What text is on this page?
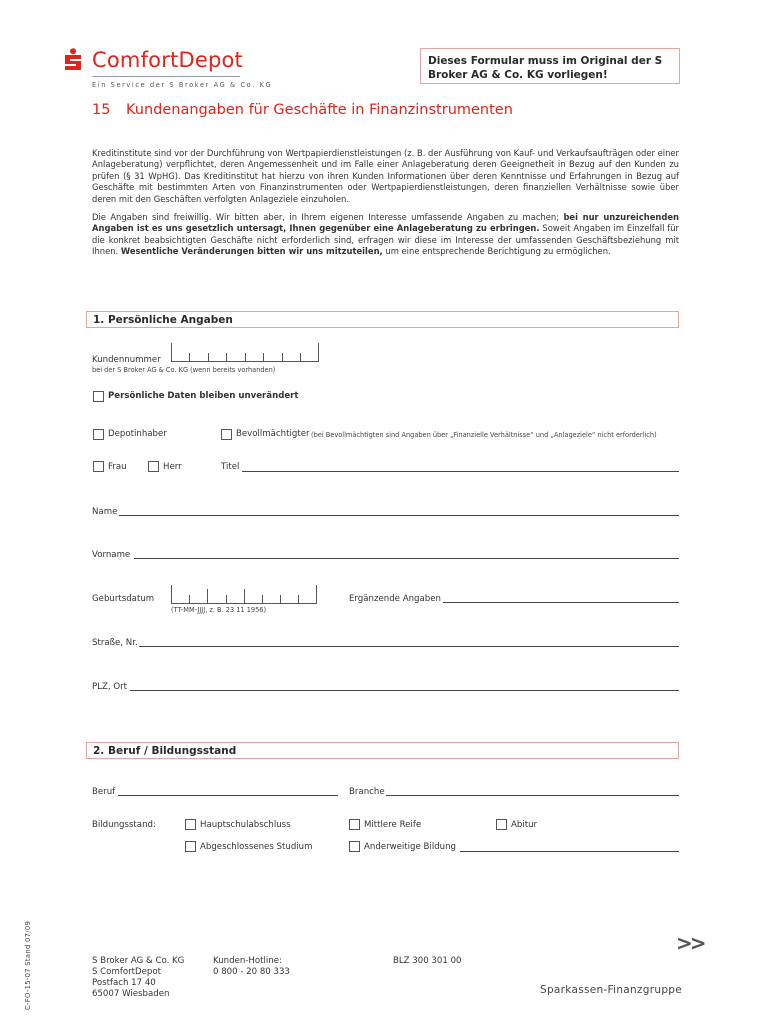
ComfortDepot
Ein Service der S Broker AG & Co. KG
Dieses Formular muss im Original der S Broker AG & Co. KG vorliegen!
15 Kundenangaben für Geschäfte in Finanzinstrumenten
Kreditinstitute sind vor der Durchführung von Wertpapierdienstleistungen (z. B. der Ausführung von Kauf- und Verkaufsaufträgen oder einer Anlageberatung) verpflichtet, deren Angemessenheit und im Falle einer Anlageberatung deren Geeignetheit in Bezug auf den Kunden zu prüfen (§ 31 WpHG). Das Kreditinstitut hat hierzu von ihren Kunden Informationen über deren Kenntnisse und Erfahrungen in Bezug auf Geschäfte mit bestimmten Arten von Finanzinstrumenten oder Wertpapierdienstleistungen, deren finanziellen Verhältnisse sowie über deren mit den Geschäften verfolgten Anlageziele einzuholen.
Die Angaben sind freiwillig. Wir bitten aber, in Ihrem eigenen Interesse umfassende Angaben zu machen; bei nur unzureichenden Angaben ist es uns gesetzlich untersagt, Ihnen gegenüber eine Anlageberatung zu erbringen. Soweit Angaben im Einzelfall für die konkret beabsichtigten Geschäfte nicht erforderlich sind, erfragen wir diese im Interesse der umfassenden Geschäftsbeziehung mit Ihnen. Wesentliche Veränderungen bitten wir uns mitzuteilen, um eine entsprechende Berichtigung zu ermöglichen.
1. Persönliche Angaben
Kundennummer
bei der S Broker AG & Co. KG (wenn bereits vorhanden)
Persönliche Daten bleiben unverändert
Depotinhaber	Bevollmächtigter (bei Bevollmächtigten sind Angaben über „Finanzielle Verhältnisse“ und „Anlageziele“ nicht erforderlich)
Frau	Herr	Titel
Name
Vorname
Geburtsdatum
(TT-MM-JJJJ, z. B. 23 11 1956)
Ergänzende Angaben
Straße, Nr.
PLZ, Ort
2. Beruf / Bildungsstand
Beruf	Branche
Bildungsstand:	Hauptschulabschluss	Mittlere Reife	Abitur
Abgeschlossenes Studium	Anderweitige Bildung
C-FO-15-07 Stand 07/09	>>
S Broker AG & Co. KG
S ComfortDepot
Postfach 17 40
65007 Wiesbaden
Kunden-Hotline:
0 800 - 20 80 333
BLZ 300 301 00
Sparkassen-Finanzgruppe
